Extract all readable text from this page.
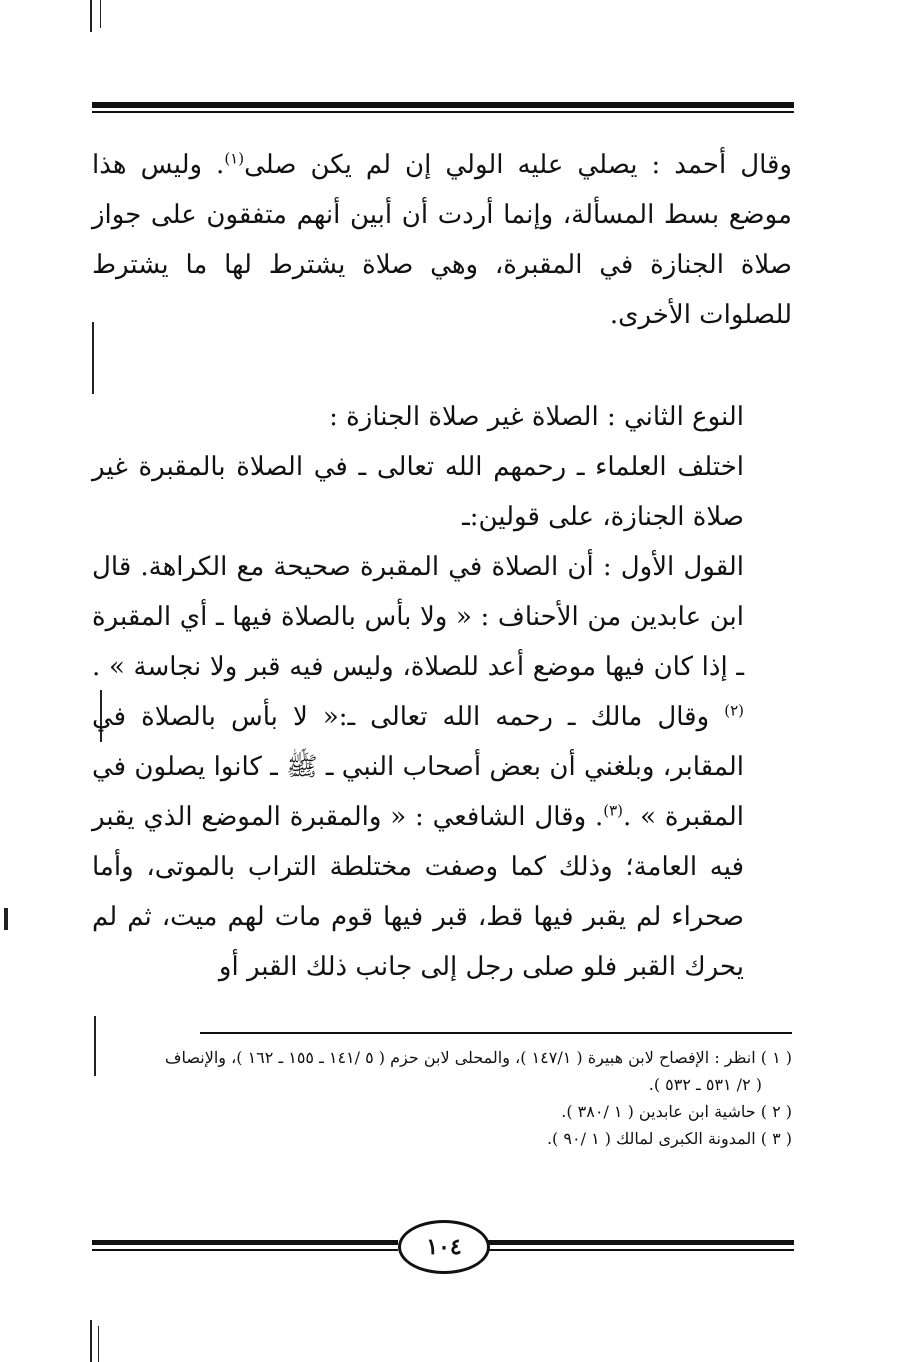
وقال أحمد : يصلي عليه الولي إن لم يكن صلى$^{(١)}$. وليس هذا موضع بسط المسألة، وإنما أردت أن أبين أنهم متفقون على جواز صلاة الجنازة في المقبرة، وهي صلاة يشترط لها ما يشترط للصلوات الأخرى.

النوع الثاني : الصلاة غير صلاة الجنازة :

اختلف العلماء ـ رحمهم الله تعالى ـ في الصلاة بالمقبرة غير صلاة الجنازة، على قولين:ـ

القول الأول : أن الصلاة في المقبرة صحيحة مع الكراهة. قال ابن عابدين من الأحناف : « ولا بأس بالصلاة فيها ـ أي المقبرة ـ إذا كان فيها موضع أعد للصلاة، وليس فيه قبر ولا نجاسة » .$^{(٢)}$ وقال مالك ـ رحمه الله تعالى ـ:« لا بأس بالصلاة في المقابر، وبلغني أن بعض أصحاب النبي ـ ﷺ ـ كانوا يصلون في المقبرة » .$^{(٣)}$. وقال الشافعي : « والمقبرة الموضع الذي يقبر فيه العامة؛ وذلك كما وصفت مختلطة التراب بالموتى، وأما صحراء لم يقبر فيها قط، قبر فيها قوم مات لهم ميت، ثم لم يحرك القبر فلو صلى رجل إلى جانب ذلك القبر أو

( ١ ) انظر : الإفصاح لابن هبيرة ( ١٤٧/١ )، والمحلى لابن حزم ( ٥ /١٤١ ـ ١٥٥ ـ ١٦٢ )، والإنصاف
( ٢/ ٥٣١ ـ ٥٣٢ ).
( ٢ ) حاشية ابن عابدين ( ١ /٣٨٠ ).
( ٣ ) المدونة الكبرى لمالك ( ١ /٩٠ ).
١٠٤
